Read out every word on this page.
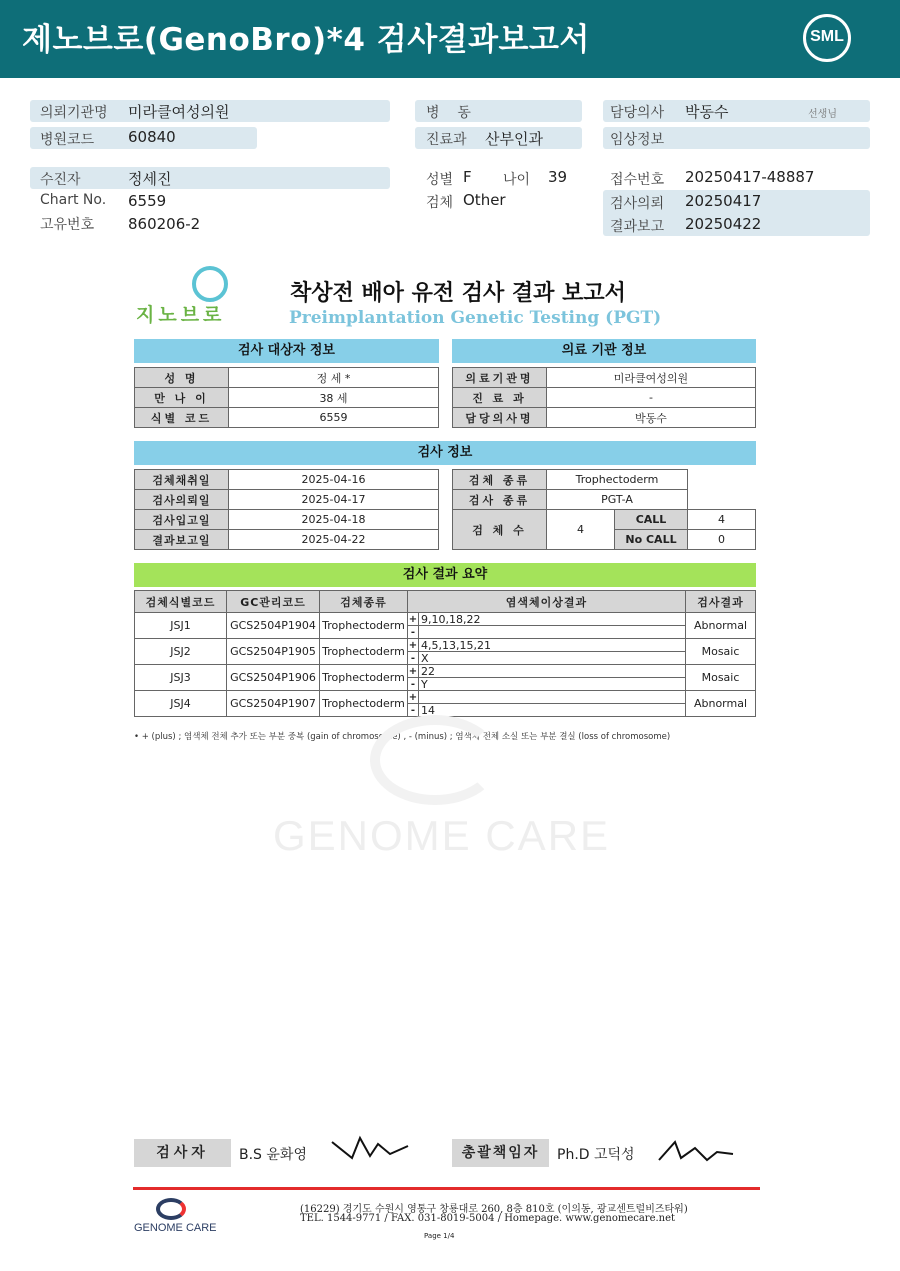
제노브로(GenoBro)*4 검사결과보고서	SML
의뢰기관명 미라클여성의원
병원코드 60840
병    동
진료과 산부인과
담당의사 박동수	선생님
임상정보
수진자	정세진
Chart No. 6559
고유번호 860206-2
성별 F 나이 39
검체 Other
접수번호 20250417-48887
검사의뢰 20250417
결과보고 20250422
지노브로
착상전 배아 유전 검사 결과 보고서
Preimplantation Genetic Testing (PGT)
검사 대상자 정보
성 명	정 세 *
만 나 이	38 세
식별 코드	6559
의료 기관 정보
의료기관명	미라클여성의원
진 료 과	-
담당의사명	박동수
검사 정보
검체채취일	2025-04-16
검사의뢰일	2025-04-17
검사입고일	2025-04-18
결과보고일	2025-04-22
검체 종류	Trophectoderm		
검사 종류	PGT-A		
검 체 수	4	CALL	4
		No CALL	0
검사 결과 요약
검체식별코드	GC관리코드	검체종류	염색체이상결과		검사결과
JSJ1	GCS2504P1904	Trophectoderm	+	9,10,18,22	Abnormal
			-		
JSJ2	GCS2504P1905	Trophectoderm	+	4,5,13,15,21	Mosaic
			-	X	
JSJ3	GCS2504P1906	Trophectoderm	+	22	Mosaic
			-	Y	
JSJ4	GCS2504P1907	Trophectoderm	+		Abnormal
			-	14	
• + (plus) ; 염색체 전체 추가 또는 부분 중복 (gain of chromosome) , - (minus) ; 염색체 전체 소실 또는 부분 결실 (loss of chromosome)
GENOME CARE
검사자	B.S 윤화영	총괄책임자	Ph.D 고덕성
GENOME CARE
(16229) 경기도 수원시 영통구 창룡대로 260, 8층 810호 (이의동, 광교센트럴비즈타워)
TEL. 1544-9771 / FAX. 031-8019-5004 / Homepage. www.genomecare.net
Page 1/4
